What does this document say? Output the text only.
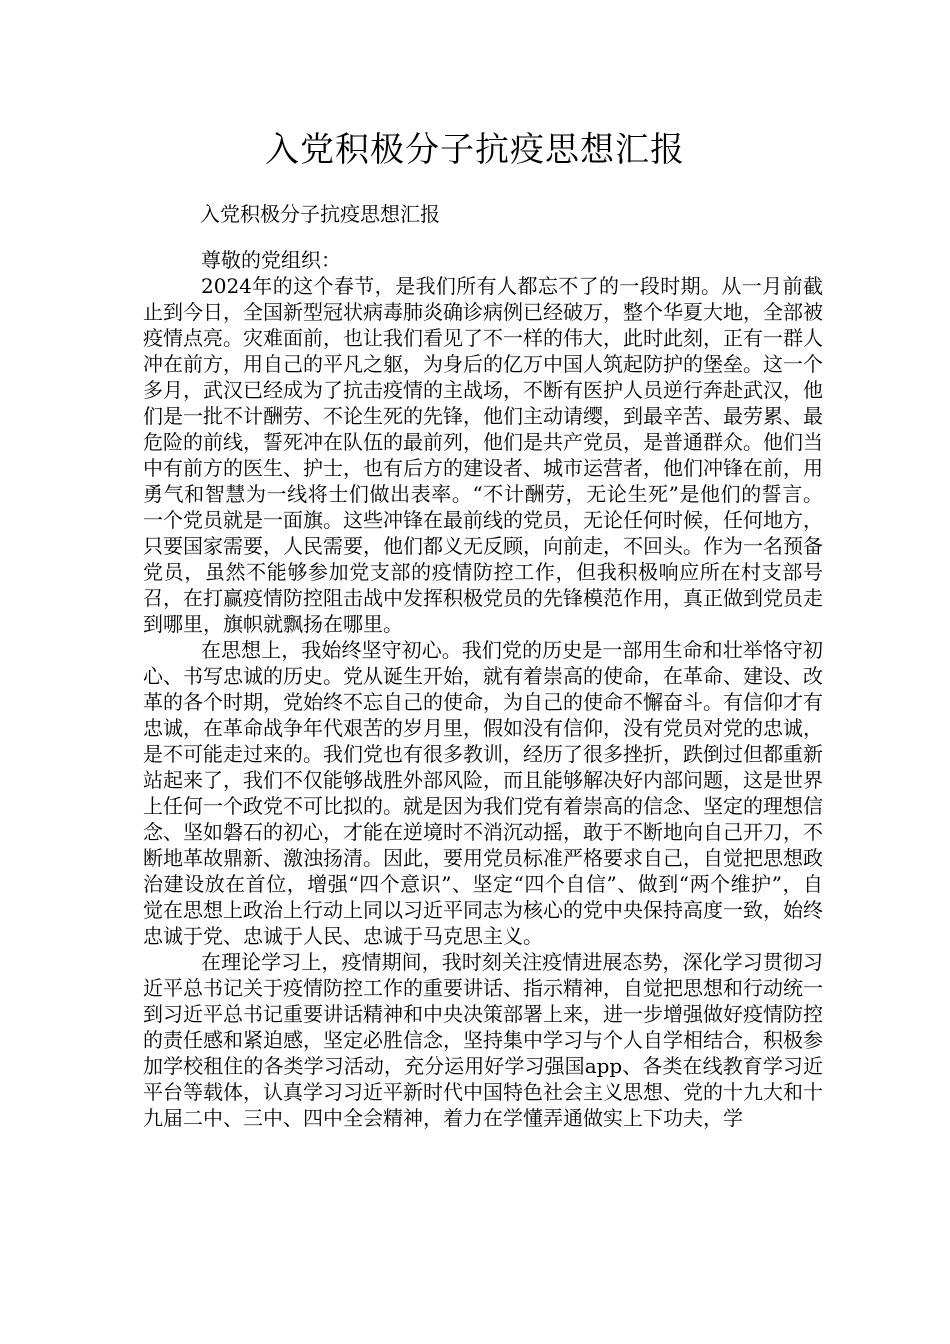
入党积极分子抗疫思想汇报

入党积极分子抗疫思想汇报

尊敬的党组织：

2024年的这个春节，是我们所有人都忘不了的一段时期。从一月前截止到今日，全国新型冠状病毒肺炎确诊病例已经破万，整个华夏大地，全部被疫情点亮。灾难面前，也让我们看见了不一样的伟大，此时此刻，正有一群人冲在前方，用自己的平凡之躯，为身后的亿万中国人筑起防护的堡垒。这一个多月，武汉已经成为了抗击疫情的主战场，不断有医护人员逆行奔赴武汉，他们是一批不计酬劳、不论生死的先锋，他们主动请缨，到最辛苦、最劳累、最危险的前线，誓死冲在队伍的最前列，他们是共产党员，是普通群众。他们当中有前方的医生、护士，也有后方的建设者、城市运营者，他们冲锋在前，用勇气和智慧为一线将士们做出表率。“不计酬劳，无论生死”是他们的誓言。一个党员就是一面旗。这些冲锋在最前线的党员，无论任何时候，任何地方，只要国家需要，人民需要，他们都义无反顾，向前走，不回头。作为一名预备党员，虽然不能够参加党支部的疫情防控工作，但我积极响应所在村支部号召，在打赢疫情防控阻击战中发挥积极党员的先锋模范作用，真正做到党员走到哪里，旗帜就飘扬在哪里。

在思想上，我始终坚守初心。我们党的历史是一部用生命和壮举恪守初心、书写忠诚的历史。党从诞生开始，就有着崇高的使命，在革命、建设、改革的各个时期，党始终不忘自己的使命，为自己的使命不懈奋斗。有信仰才有忠诚，在革命战争年代艰苦的岁月里，假如没有信仰，没有党员对党的忠诚，是不可能走过来的。我们党也有很多教训，经历了很多挫折，跌倒过但都重新站起来了，我们不仅能够战胜外部风险，而且能够解决好内部问题，这是世界上任何一个政党不可比拟的。就是因为我们党有着崇高的信念、坚定的理想信念、坚如磐石的初心，才能在逆境时不消沉动摇，敢于不断地向自己开刀，不断地革故鼎新、激浊扬清。因此，要用党员标准严格要求自己，自觉把思想政治建设放在首位，增强“四个意识”、坚定“四个自信”、做到“两个维护”，自觉在思想上政治上行动上同以习近平同志为核心的党中央保持高度一致，始终忠诚于党、忠诚于人民、忠诚于马克思主义。

在理论学习上，疫情期间，我时刻关注疫情进展态势，深化学习贯彻习近平总书记关于疫情防控工作的重要讲话、指示精神，自觉把思想和行动统一到习近平总书记重要讲话精神和中央决策部署上来，进一步增强做好疫情防控的责任感和紧迫感，坚定必胜信念，坚持集中学习与个人自学相结合，积极参加学校租住的各类学习活动，充分运用好学习强国app、各类在线教育学习近平台等载体，认真学习习近平新时代中国特色社会主义思想、党的十九大和十九届二中、三中、四中全会精神，着力在学懂弄通做实上下功夫，学
